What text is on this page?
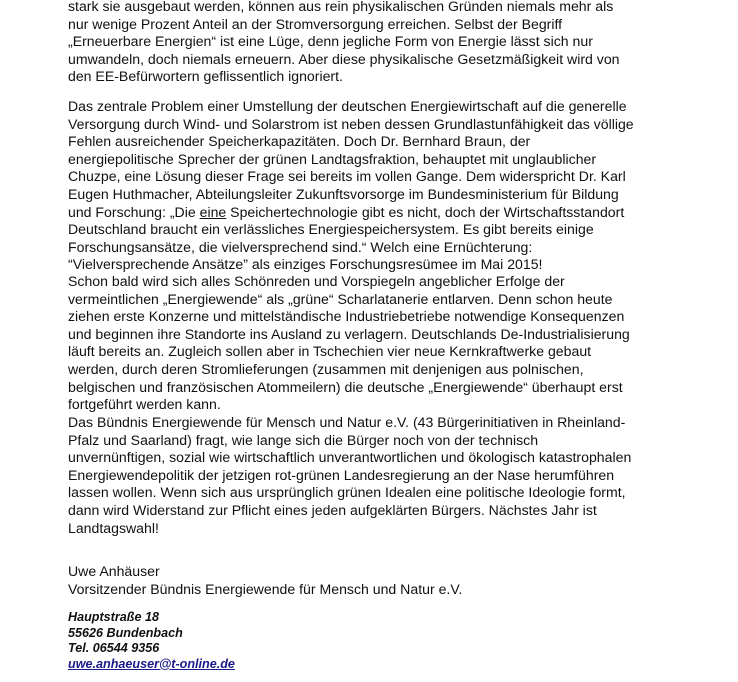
stark sie ausgebaut werden, können aus rein physikalischen Gründen niemals mehr als
nur wenige Prozent Anteil an der Stromversorgung erreichen. Selbst der Begriff
„Erneuerbare Energien“ ist eine Lüge, denn jegliche Form von Energie lässt sich nur
umwandeln, doch niemals erneuern. Aber diese physikalische Gesetzmäßigkeit wird von
den EE-Befürwortern geflissentlich ignoriert.

Das zentrale Problem einer Umstellung der deutschen Energiewirtschaft auf die generelle
Versorgung durch Wind- und Solarstrom ist neben dessen Grundlastunfähigkeit das völlige
Fehlen ausreichender Speicherkapazitäten. Doch Dr. Bernhard Braun, der
energiepolitische Sprecher der grünen Landtagsfraktion, behauptet mit unglaublicher
Chuzpe, eine Lösung dieser Frage sei bereits im vollen Gange. Dem widerspricht Dr. Karl
Eugen Huthmacher, Abteilungsleiter Zukunftsvorsorge im Bundesministerium für Bildung

und Forschung: „Die eine Speichertechnologie gibt es nicht, doch der Wirtschaftsstandort
Deutschland braucht ein verlässliches Energiespeichersystem. Es gibt bereits einige
Forschungsansätze, die vielversprechend sind.“ Welch eine Ernüchterung:
“Vielversprechende Ansätze” als einziges Forschungsresümee im Mai 2015!

Schon bald wird sich alles Schönreden und Vorspiegeln angeblicher Erfolge der
vermeintlichen „Energiewende“ als „grüne“ Scharlatanerie entlarven. Denn schon heute
ziehen erste Konzerne und mittelständische Industriebetriebe notwendige Konsequenzen
und beginnen ihre Standorte ins Ausland zu verlagern. Deutschlands De-Industrialisierung
läuft bereits an. Zugleich sollen aber in Tschechien vier neue Kernkraftwerke gebaut
werden, durch deren Stromlieferungen (zusammen mit denjenigen aus polnischen,
belgischen und französischen Atommeilern) die deutsche „Energiewende“ überhaupt erst
fortgeführt werden kann.

Das Bündnis Energiewende für Mensch und Natur e.V. (43 Bürgerinitiativen in Rheinland-
Pfalz und Saarland) fragt, wie lange sich die Bürger noch von der technisch
unvernünftigen, sozial wie wirtschaftlich unverantwortlichen und ökologisch katastrophalen
Energiewendepolitik der jetzigen rot-grünen Landesregierung an der Nase herumführen
lassen wollen. Wenn sich aus ursprünglich grünen Idealen eine politische Ideologie formt,
dann wird Widerstand zur Pflicht eines jeden aufgeklärten Bürgers. Nächstes Jahr ist
Landtagswahl!

Uwe Anhäuser
Vorsitzender Bündnis Energiewende für Mensch und Natur e.V.
Hauptstraße 18
55626 Bundenbach
Tel. 06544 9356
uwe.anhaeuser@t-online.de
